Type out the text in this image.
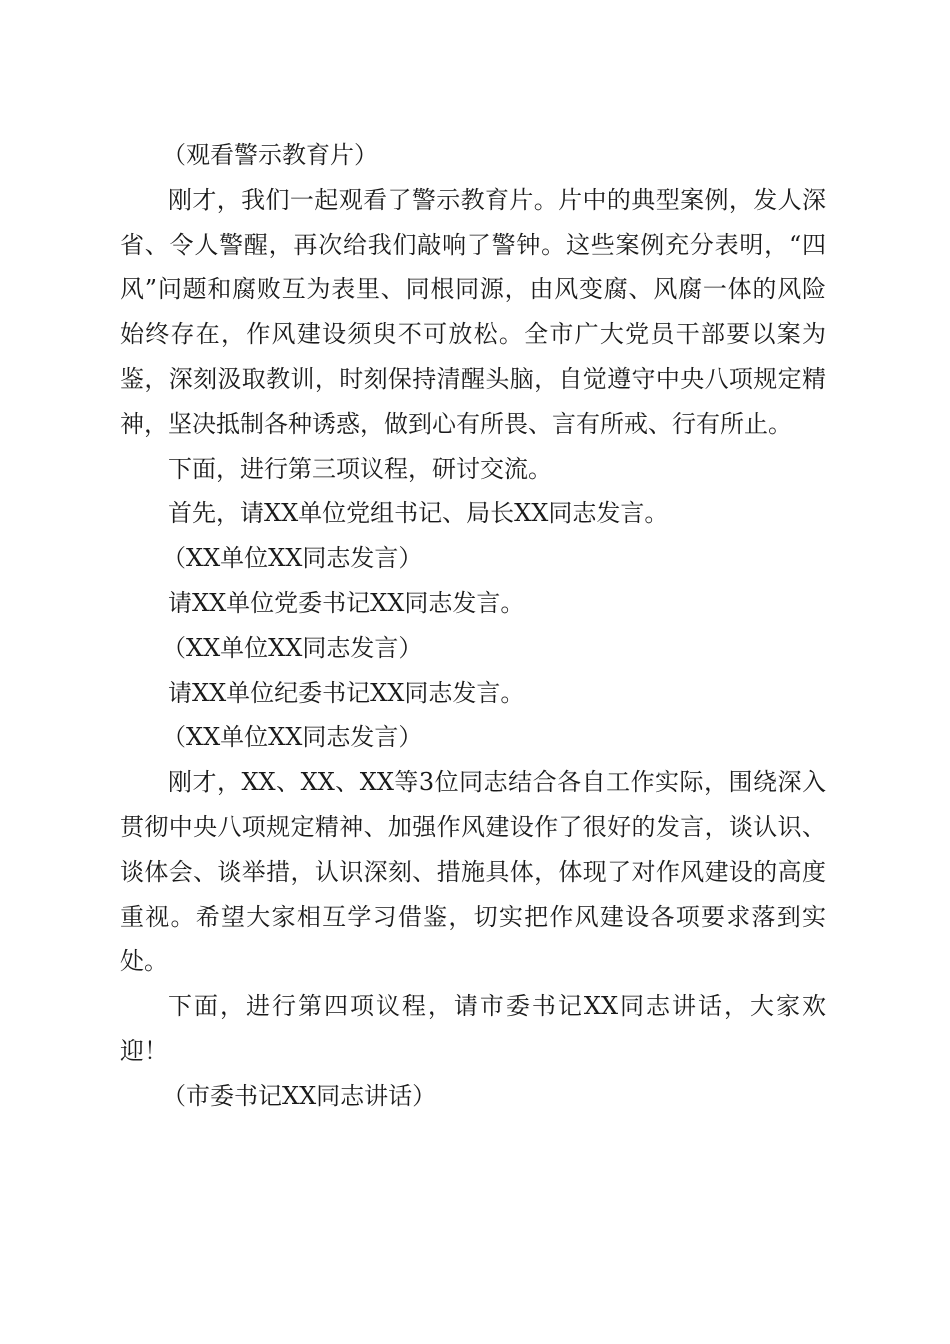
（观看警示教育片）

刚才，我们一起观看了警示教育片。片中的典型案例，发人深省、令人警醒，再次给我们敲响了警钟。这些案例充分表明，“四风”问题和腐败互为表里、同根同源，由风变腐、风腐一体的风险始终存在，作风建设须臾不可放松。全市广大党员干部要以案为鉴，深刻汲取教训，时刻保持清醒头脑，自觉遵守中央八项规定精神，坚决抵制各种诱惑，做到心有所畏、言有所戒、行有所止。

下面，进行第三项议程，研讨交流。

首先，请XX单位党组书记、局长XX同志发言。

（XX单位XX同志发言）

请XX单位党委书记XX同志发言。

（XX单位XX同志发言）

请XX单位纪委书记XX同志发言。

（XX单位XX同志发言）

刚才，XX、XX、XX等3位同志结合各自工作实际，围绕深入贯彻中央八项规定精神、加强作风建设作了很好的发言，谈认识、谈体会、谈举措，认识深刻、措施具体，体现了对作风建设的高度重视。希望大家相互学习借鉴，切实把作风建设各项要求落到实处。

下面，进行第四项议程，请市委书记XX同志讲话，大家欢迎！

（市委书记XX同志讲话）
